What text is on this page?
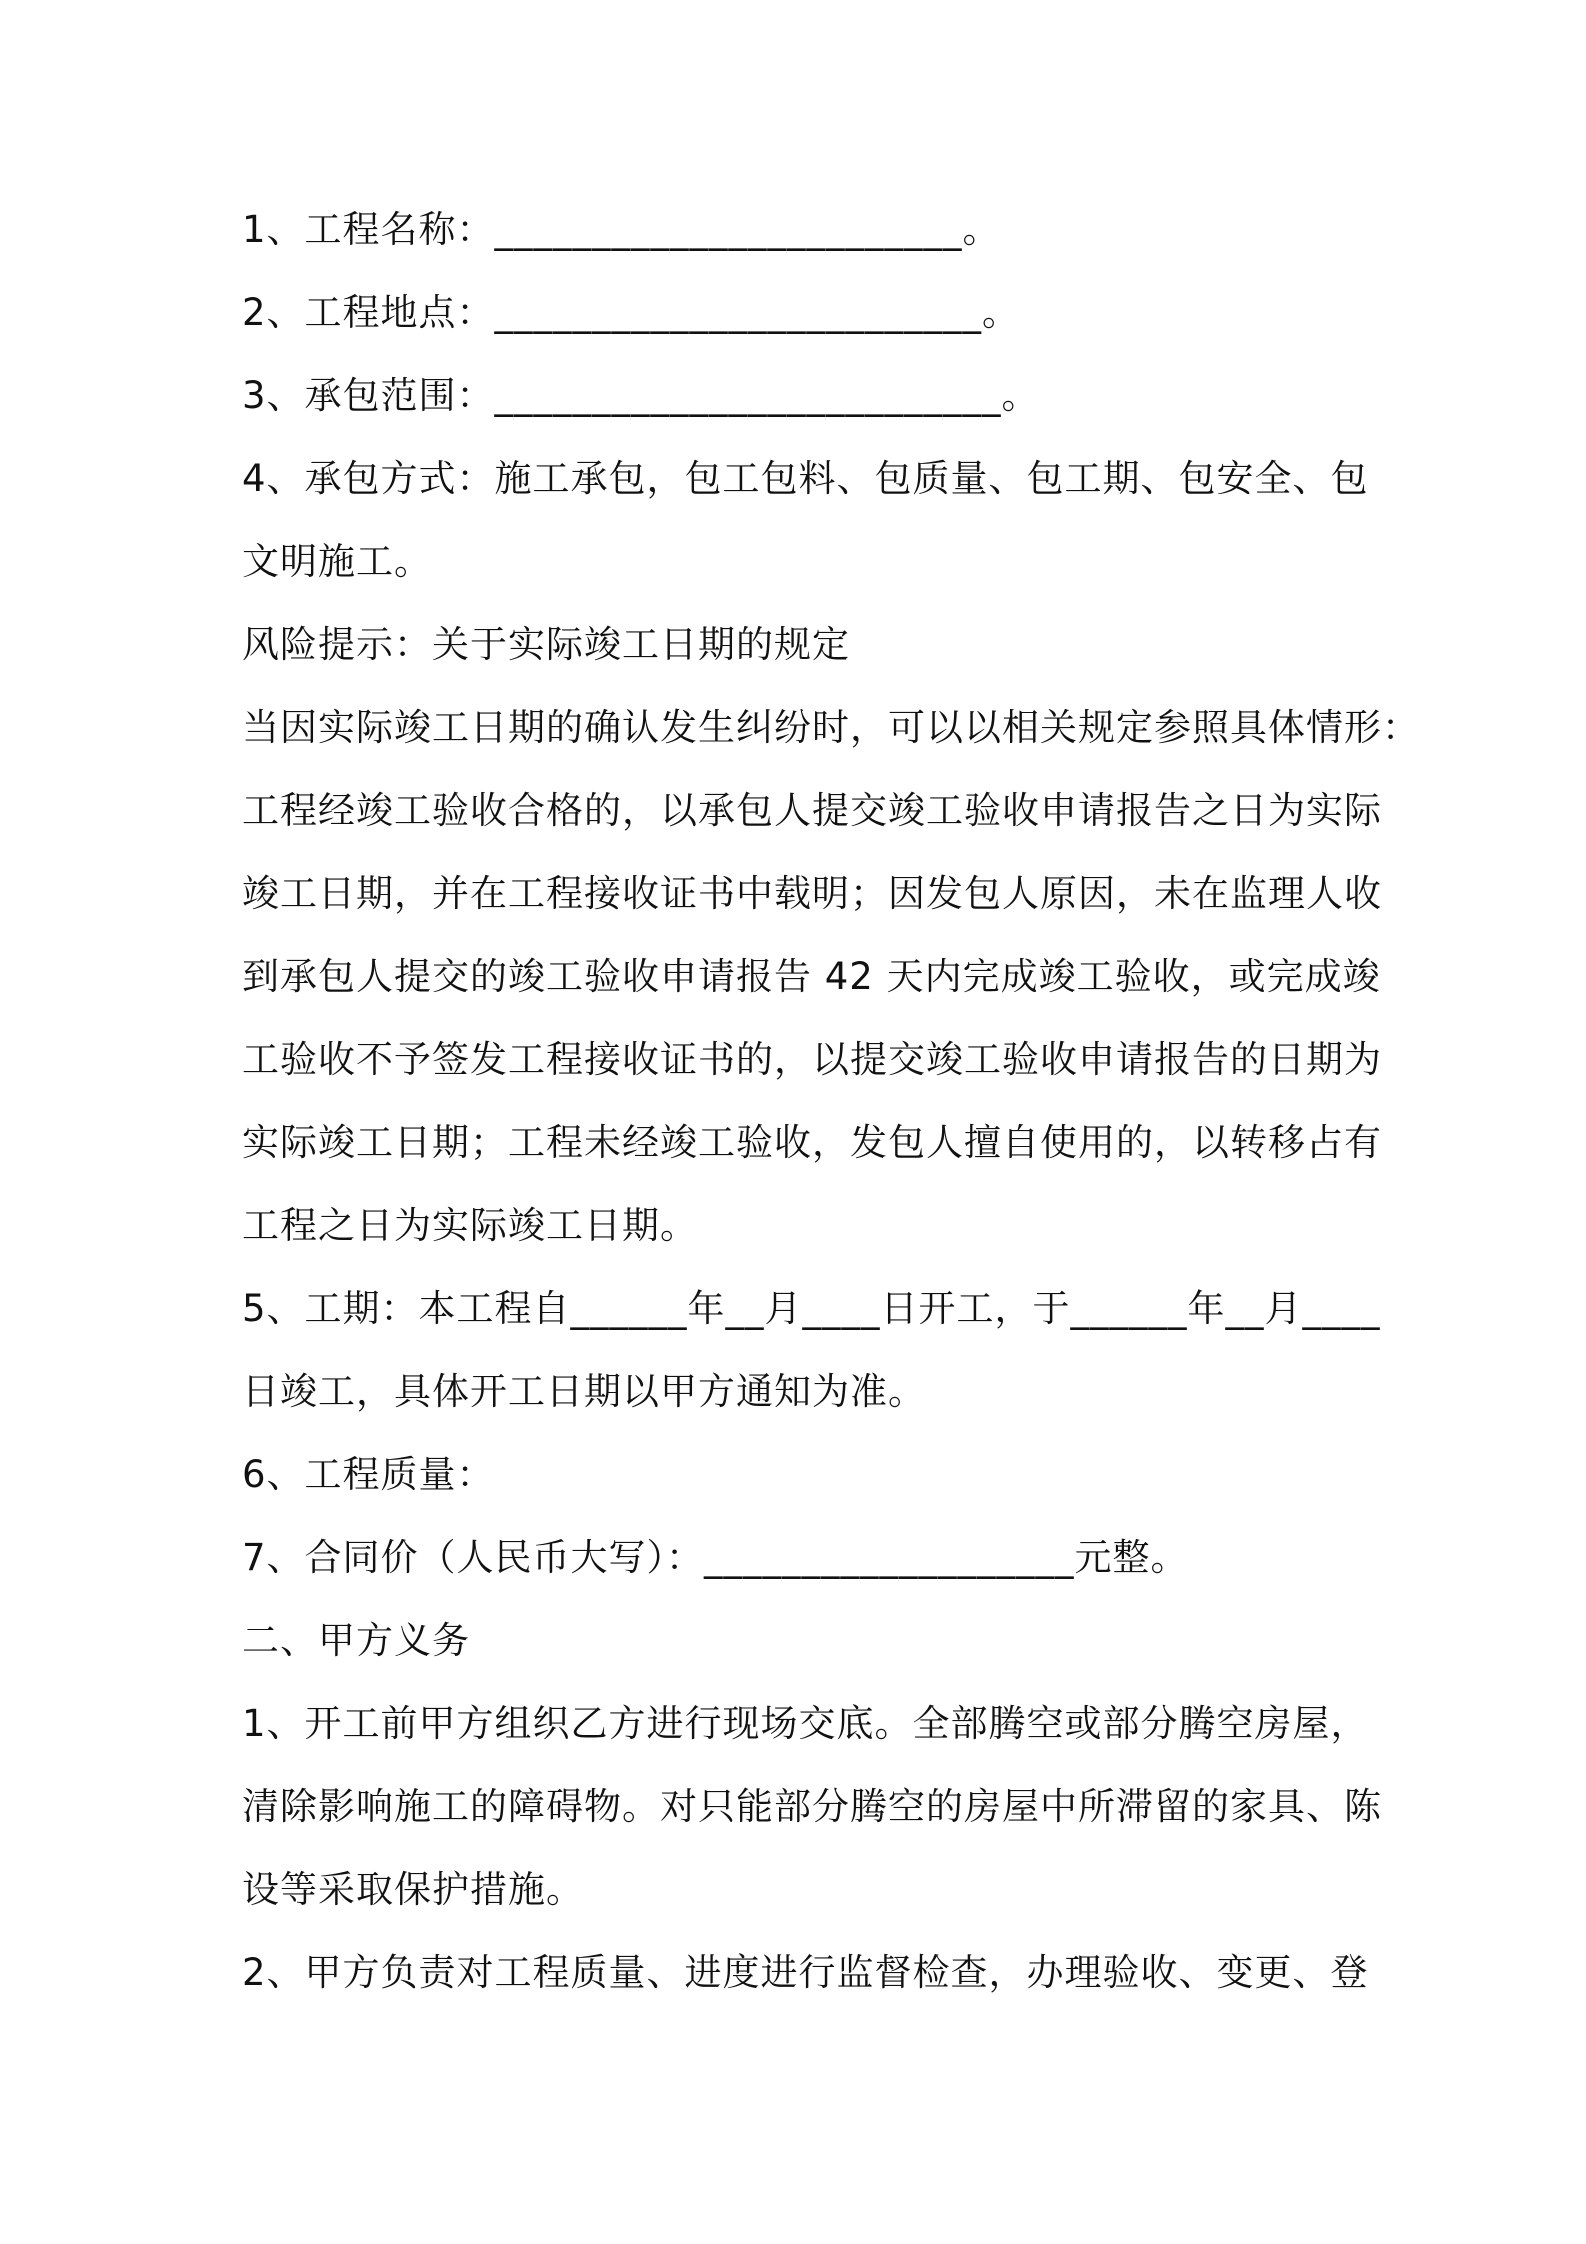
1、工程名称：________________________。
2、工程地点：_________________________。
3、承包范围：__________________________。
4、承包方式：施工承包，包工包料、包质量、包工期、包安全、包
文明施工。
风险提示：关于实际竣工日期的规定
当因实际竣工日期的确认发生纠纷时，可以以相关规定参照具体情形：
工程经竣工验收合格的，以承包人提交竣工验收申请报告之日为实际
竣工日期，并在工程接收证书中载明；因发包人原因，未在监理人收
到承包人提交的竣工验收申请报告 42 天内完成竣工验收，或完成竣
工验收不予签发工程接收证书的，以提交竣工验收申请报告的日期为
实际竣工日期；工程未经竣工验收，发包人擅自使用的，以转移占有
工程之日为实际竣工日期。
5、工期：本工程自______年__月____日开工，于______年__月____
日竣工，具体开工日期以甲方通知为准。
6、工程质量：
7、合同价（人民币大写）：___________________元整。
二、甲方义务
1、开工前甲方组织乙方进行现场交底。全部腾空或部分腾空房屋，
清除影响施工的障碍物。对只能部分腾空的房屋中所滞留的家具、陈
设等采取保护措施。
2、甲方负责对工程质量、进度进行监督检查，办理验收、变更、登
